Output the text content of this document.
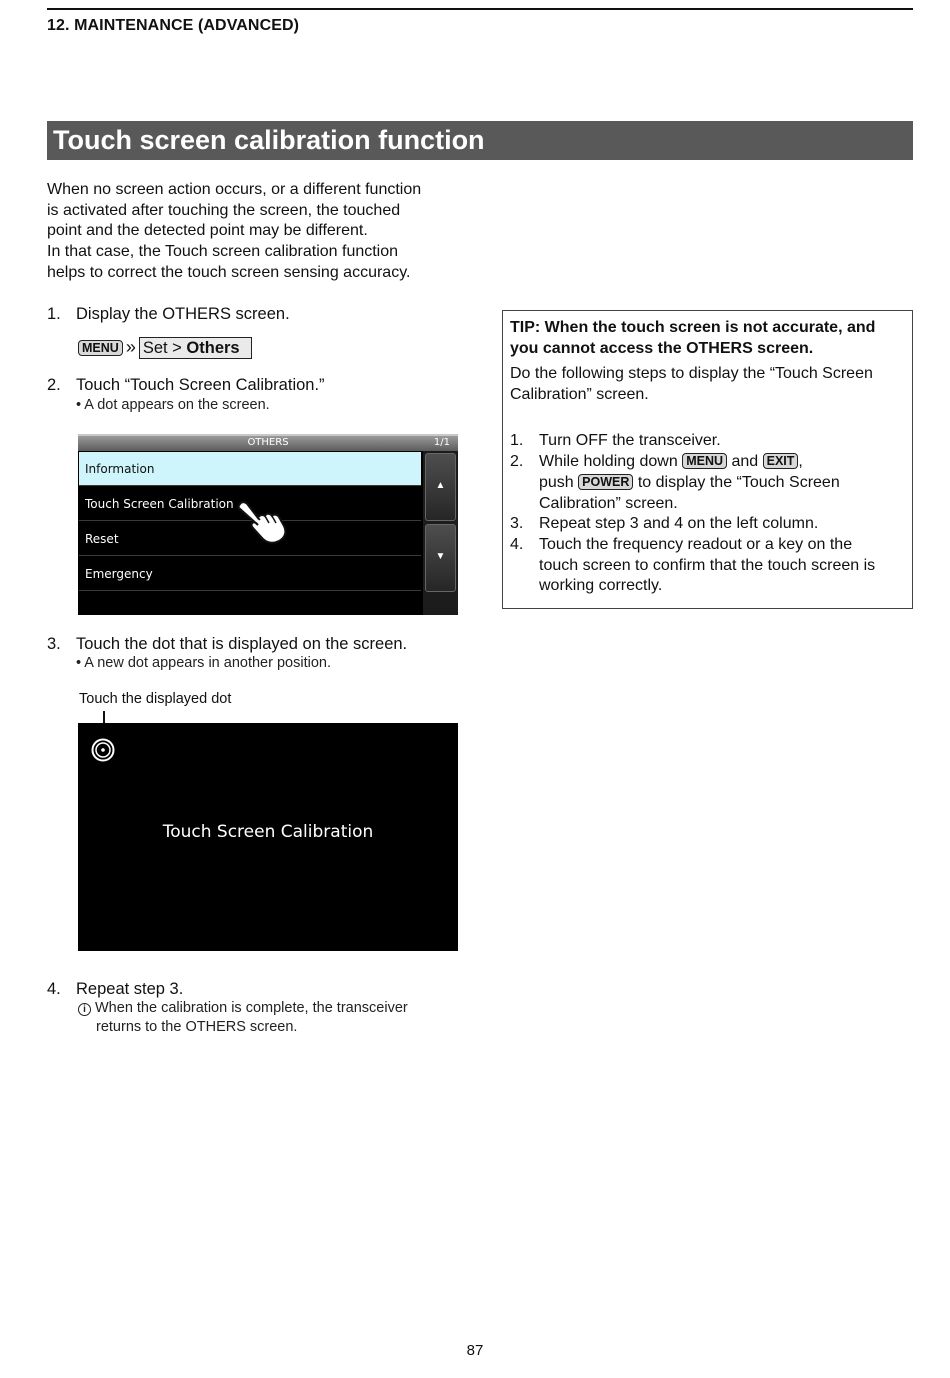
12. MAINTENANCE (ADVANCED)
Touch screen calibration function

When no screen action occurs, or a different function

is activated after touching the screen, the touched

point and the detected point may be different.

In that case, the Touch screen calibration function

helps to correct the touch screen sensing accuracy.

1. Display the OTHERS screen.
MENU » Set > Others
2. Touch “Touch Screen Calibration.”
• A dot appears on the screen.
OTHERS	1/1
Information
Touch Screen Calibration
Reset
Emergency
▲
▼
3. Touch the dot that is displayed on the screen.
• A new dot appears in another position.
Touch the displayed dot
Touch Screen Calibration
4. Repeat step 3.
i When the calibration is complete, the transceiver
returns to the OTHERS screen.
TIP: When the touch screen is not accurate, and you cannot access the OTHERS screen.
Do the following steps to display the “Touch Screen Calibration” screen.
1. Turn OFF the transceiver.
2. While holding down MENU and EXIT ,
push POWER to display the “Touch Screen
Calibration” screen.
3. Repeat step 3 and 4 on the left column.
4. Touch the frequency readout or a key on the
touch screen to confirm that the touch screen is
working correctly.
87
